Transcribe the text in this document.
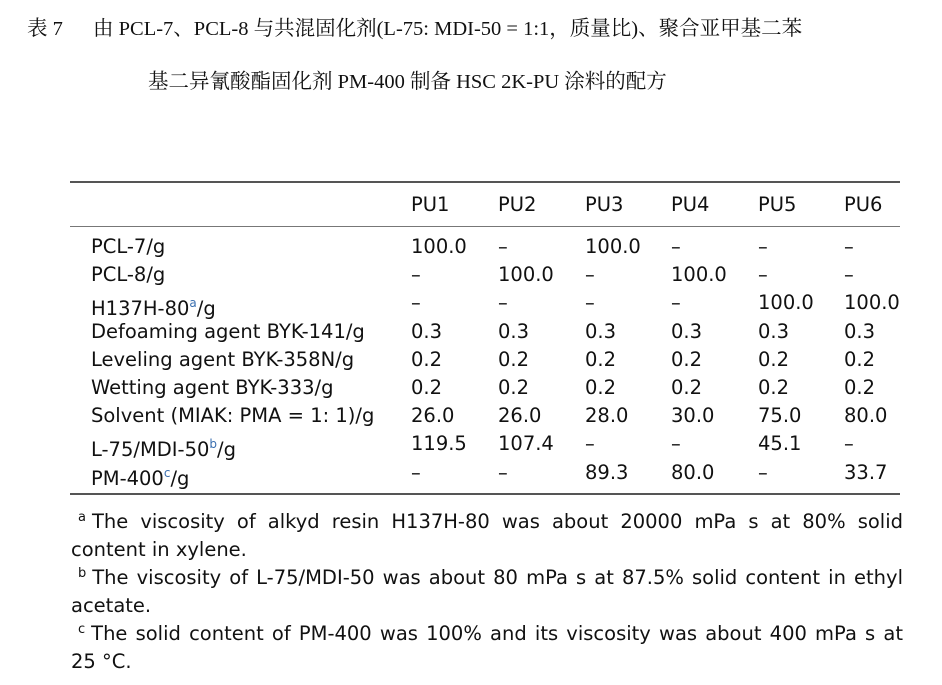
表 7 由 PCL-7、PCL-8 与共混固化剂(L-75: MDI-50 = 1:1，质量比)、聚合亚甲基二苯
基二异氰酸酯固化剂 PM-400 制备 HSC 2K-PU 涂料的配方
PU1 PU2 PU3 PU4 PU5 PU6
PCL-7/g	100.0 –	100.0 –	–	–
PCL-8/g	–	100.0 –	100.0 –	–
H137H-80$^a$/g	–	–	–	–	100.0 100.0
Defoaming agent BYK-141/g 0.3	0.3	0.3	0.3	0.3	0.3
Leveling agent BYK-358N/g	0.2	0.2	0.2	0.2	0.2	0.2
Wetting agent BYK-333/g	0.2	0.2	0.2	0.2	0.2	0.2
Solvent (MIAK: PMA = 1: 1)/g 26.0 26.0 28.0 30.0 75.0 80.0
L-75/MDI-50$^b$/g	119.5 107.4 –	–	45.1 –
PM-400$^c$/g	–	–	89.3 80.0 –	33.7
$^a$ The viscosity of alkyd resin H137H-80 was about 20000 mPa s at 80% solid content in xylene.
$^b$ The viscosity of L-75/MDI-50 was about 80 mPa s at 87.5% solid content in ethyl acetate.
$^c$ The solid content of PM-400 was 100% and its viscosity was about 400 mPa s at 25 °C.
